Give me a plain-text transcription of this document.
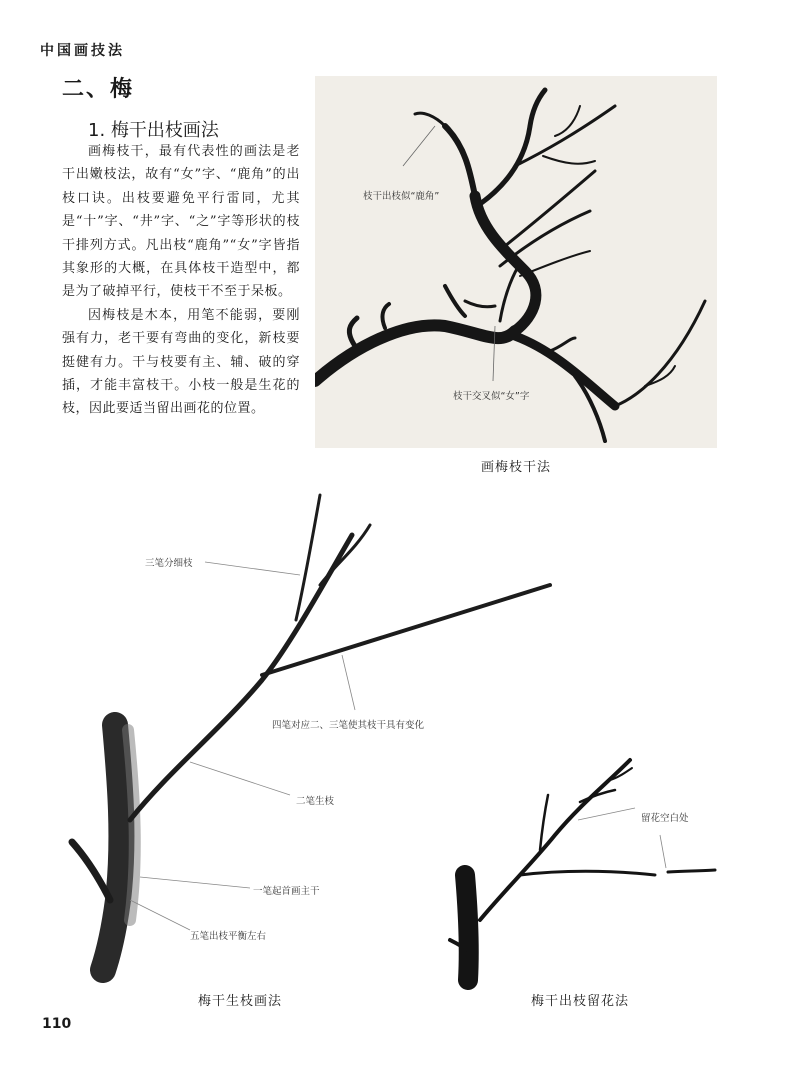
中国画技法
二、梅
1. 梅干出枝画法

画梅枝干，最有代表性的画法是老干出嫩枝法，故有“女”字、“鹿角”的出枝口诀。出枝要避免平行雷同，尤其是“十”字、“井”字、“之”字等形状的枝干排列方式。凡出枝“鹿角”“女”字皆指其象形的大概，在具体枝干造型中，都是为了破掉平行，使枝干不至于呆板。

因梅枝是木本，用笔不能弱，要刚强有力，老干要有弯曲的变化，新枝要挺健有力。干与枝要有主、辅、破的穿插，才能丰富枝干。小枝一般是生花的枝，因此要适当留出画花的位置。

枝干出枝似“鹿角”
枝干交叉似“女”字
画梅枝干法
三笔分细枝
四笔对应二、三笔使其枝干具有变化
二笔生枝
一笔起首画主干
五笔出枝平衡左右
梅干生枝画法
留花空白处
梅干出枝留花法
110
